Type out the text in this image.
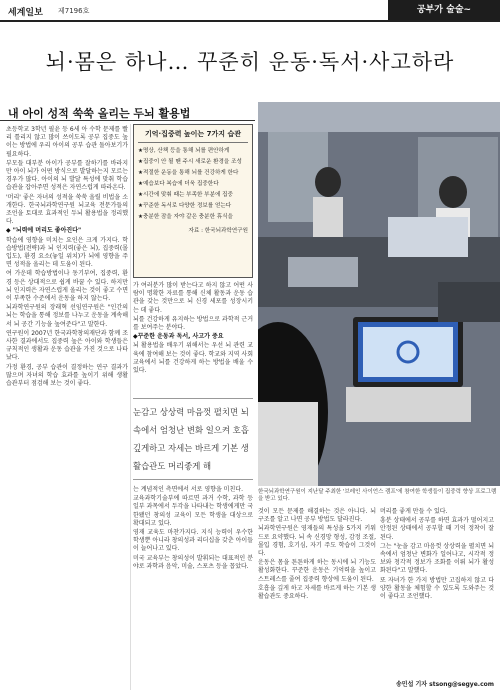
세계일보 제7196호	공부가 술술~
뇌·몸은 하나… 꾸준히 운동·독서·사고하라
내 아이 성적 쑥쑥 올리는 두뇌 활용법

초등학교 3학년 필윤 등 6세 아 수학 문제를 빨리 틀리지 않고 많이 쓰이도록 공부 집중도 높이는 방법에 우리 아이의 공부 습관 돌아보기가 필요하다.

부모들 대부분 아이가 공부를 잘하기를 바라지만 아이 뇌가 어떤 방식으로 발달하는지 모르는 경우가 많다. 아이의 뇌 발달 특성에 맞춰 학습 습관을 잡아주면 성적은 자연스럽게 따라온다.

'머리' 좋은 자녀의 성적을 쑥쑥 올릴 비법을 소개한다. 한국뇌과학연구원 뇌교육 전문가들의 조언을 토대로 효과적인 두뇌 활용법을 정리했다.

◆ "뇌력에 머리도 좋아진다"

학습에 영향을 미치는 요인은 크게 가지다. 학습방법(전략)과 뇌 인지력(좋은 뇌), 집중력(몰입도), 환경 요소(놓일 위치)가 뇌에 영향을 주면 성적을 올리는 데 도움이 된다.

여 가운데 학습방법이나 동기부여, 집중력, 환경 등은 상대적으로 쉽게 바꿀 수 있다. 하지만 뇌 인지력은 자연스럽게 올리는 것이 좋고 수면이 부족한 수준에서 운동을 하지 않는다.

뇌과학연구원의 장래혁 선임연구원은 "인간의 뇌는 학습을 통해 정보를 나누고 운동을 계속해서 뇌 공간 기능을 높여준다"고 말한다.

연구원이 2007년 한국과학창의재단과 함께 조사한 결과에서도 집중력 높은 아이와 학생들은 규칙적인 생활과 운동 습관을 가진 것으로 나타났다.

가정 환경, 공부 습관이 결정하는 연구 결과가 많으며 자녀의 학습 효과를 높이기 위해 생활 습관부터 점검해 보는 것이 좋다.

기억·집중력 높이는 7가지 습관
★명상, 산책 등을 통해 뇌를 편안하게
★집중이 안 될 땐 주시 새로운 환경을 조성
★적절한 운동을 통해 뇌를 건강하게 한다
★예습보다 복습에 더욱 집중한다
★시간에 맞춰 때는 부족한 부분에 집중
★꾸준한 독서로 다양한 정보를 얻는다
★충분한 잠을 자야 같은 충분한 휴식을
자료 : 한국뇌과학연구원

가 여러분가 많이 받는다고 하지 않고 어떤 사람이 명확한 자료를 통해 신체 활동과 운동 습관을 갖는 것만으로 뇌 신경 세포를 성장시키는 데 좋다.

뇌를 건강하게 유지하는 방법으로 과학적 근거를 보여주는 분야다.

◆꾸준한 운동과 독서, 사고가 중요

뇌 활용법을 배우기 위해서는 우선 뇌 관련 교육에 참여해 보는 것이 좋다. 학교와 지역 사회 교육에서 뇌를 건강하게 하는 방법을 배울 수 있다.

눈감고 상상력 마음껏 펼치면 뇌속에서 엄청난 변화 일으켜 호흡 깊게하고 자세는 바르게 기본 생활습관도 머리좋게 해

는 계념적인 측면에서 서로 영향을 미친다.

교육과학기술부에 따르면 과거 수학, 과학 등 일부 과목에서 두각을 나타내는 학생에게만 국한됐던 창의성 교육이 모든 학생을 대상으로 확대되고 있다.

영재 교육도 마찬가지다. 지식 능력이 우수한 학생뿐 아니라 창의성과 리더십을 갖춘 아이들이 늘어나고 있다.

미국 교육부는 창의성이 발휘되는 대표적인 분야로 과학과 음악, 미술, 스포츠 등을 꼽았다.

한국뇌과학연구원이 지난달 주최한 '브레인 사이언스 캠프'에 참여한 학생들이 집중력 향상 프로그램 을 받고 있다.

것이 모든 문제를 해결하는 것은 아니다. 뇌 구조를 알고 나면 공부 방법도 달라진다.

뇌과학연구원은 영재들의 특성을 5가지 키워드로 요약했다. 뇌 속 신경망 형성, 감정 조절, 몰입 경험, 호기심, 자기 주도 학습이 그것이다.

운동은 몸을 튼튼하게 하는 동시에 뇌 기능도 활성화한다. 꾸준한 운동은 기억력을 높이고 스트레스를 줄여 집중력 향상에 도움이 된다.

호흡을 깊게 하고 자세를 바르게 하는 기본 생활습관도 중요하다.

머리를 좋게 만들 수 있다.

흥분 상태에서 공부를 하면 효과가 떨어지고 안정된 상태에서 공부할 때 기억 정착이 잘 된다.

그는 "눈을 감고 마음껏 상상력을 펼치면 뇌 속에서 엄청난 변화가 일어나고, 시각적 정보와 청각적 정보가 조화를 이뤄 뇌가 활성화된다"고 말했다.

또 자녀가 한 가지 방법만 고집하지 않고 다양한 활동을 체험할 수 있도록 도와주는 것이 좋다고 조언했다.

송민섭 기자 stsong@segye.com
